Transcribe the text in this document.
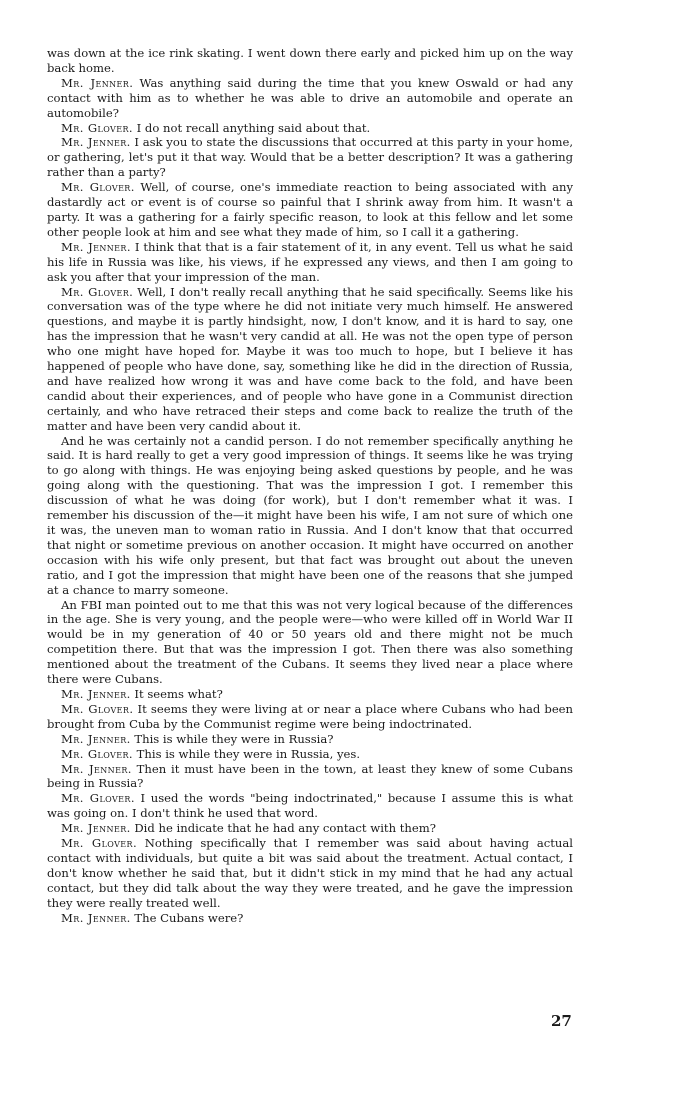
was down at the ice rink skating. I went down there early and picked him up on the way back home.

Mr. Jenner. Was anything said during the time that you knew Oswald or had any contact with him as to whether he was able to drive an automobile and operate an automobile?

Mr. Glover. I do not recall anything said about that.

Mr. Jenner. I ask you to state the discussions that occurred at this party in your home, or gathering, let's put it that way. Would that be a better description? It was a gathering rather than a party?

Mr. Glover. Well, of course, one's immediate reaction to being associated with any dastardly act or event is of course so painful that I shrink away from him. It wasn't a party. It was a gathering for a fairly specific reason, to look at this fellow and let some other people look at him and see what they made of him, so I call it a gathering.

Mr. Jenner. I think that that is a fair statement of it, in any event. Tell us what he said his life in Russia was like, his views, if he expressed any views, and then I am going to ask you after that your impression of the man.

Mr. Glover. Well, I don't really recall anything that he said specifically. Seems like his conversation was of the type where he did not initiate very much himself. He answered questions, and maybe it is partly hindsight, now, I don't know, and it is hard to say, one has the impression that he wasn't very candid at all. He was not the open type of person who one might have hoped for. Maybe it was too much to hope, but I believe it has happened of people who have done, say, something like he did in the direction of Russia, and have realized how wrong it was and have come back to the fold, and have been candid about their experiences, and of people who have gone in a Communist direction certainly, and who have retraced their steps and come back to realize the truth of the matter and have been very candid about it.

And he was certainly not a candid person. I do not remember specifically anything he said. It is hard really to get a very good impression of things. It seems like he was trying to go along with things. He was enjoying being asked questions by people, and he was going along with the questioning. That was the impression I got. I remember this discussion of what he was doing (for work), but I don't remember what it was. I remember his discussion of the—it might have been his wife, I am not sure of which one it was, the uneven man to woman ratio in Russia. And I don't know that that occurred that night or sometime previous on another occasion. It might have occurred on another occasion with his wife only present, but that fact was brought out about the uneven ratio, and I got the impression that might have been one of the reasons that she jumped at a chance to marry someone.

An FBI man pointed out to me that this was not very logical because of the differences in the age. She is very young, and the people were—who were killed off in World War II would be in my generation of 40 or 50 years old and there might not be much competition there. But that was the impression I got. Then there was also something mentioned about the treatment of the Cubans. It seems they lived near a place where there were Cubans.

Mr. Jenner. It seems what?

Mr. Glover. It seems they were living at or near a place where Cubans who had been brought from Cuba by the Communist regime were being indoctrinated.

Mr. Jenner. This is while they were in Russia?

Mr. Glover. This is while they were in Russia, yes.

Mr. Jenner. Then it must have been in the town, at least they knew of some Cubans being in Russia?

Mr. Glover. I used the words "being indoctrinated," because I assume this is what was going on. I don't think he used that word.

Mr. Jenner. Did he indicate that he had any contact with them?

Mr. Glover. Nothing specifically that I remember was said about having actual contact with individuals, but quite a bit was said about the treatment. Actual contact, I don't know whether he said that, but it didn't stick in my mind that he had any actual contact, but they did talk about the way they were treated, and he gave the impression they were really treated well.

Mr. Jenner. The Cubans were?

27
